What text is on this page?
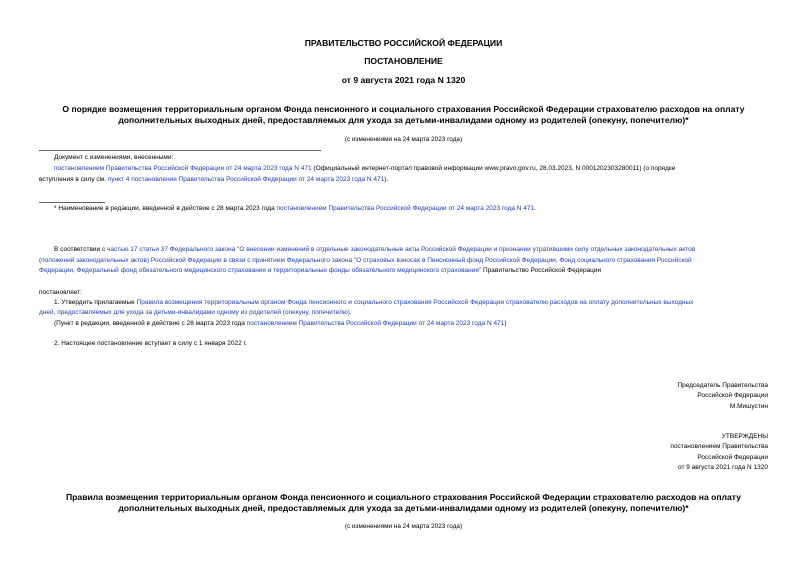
ПРАВИТЕЛЬСТВО РОССИЙСКОЙ ФЕДЕРАЦИИ
ПОСТАНОВЛЕНИЕ
от 9 августа 2021 года N 1320
О порядке возмещения территориальным органом Фонда пенсионного и социального страхования Российской Федерации страхователю расходов на оплату
дополнительных выходных дней, предоставляемых для ухода за детьми-инвалидами одному из родителей (опекуну, попечителю)*
(с изменениями на 24 марта 2023 года)
Документ с изменениями, внесенными:
постановлением Правительства Российской Федерации от 24 марта 2023 года N 471 (Официальный интернет-портал правовой информации www.pravo.gov.ru, 28.03.2023, N 0001202303280011) (о порядке
вступления в силу см. пункт 4 постановления Правительства Российской Федерации от 24 марта 2023 года N 471).
* Наименование в редакции, введенной в действие с 28 марта 2023 года постановлением Правительства Российской Федерации от 24 марта 2023 года N 471.
В соответствии с частью 17 статьи 37 Федерального закона "О внесении изменений в отдельные законодательные акты Российской Федерации и признании утратившими силу отдельных законодательных актов
(положений законодательных актов) Российской Федерации в связи с принятием Федерального закона "О страховых взносах в Пенсионный фонд Российской Федерации, Фонд социального страхования Российской
Федерации, Федеральный фонд обязательного медицинского страхования и территориальные фонды обязательного медицинского страхования" Правительство Российской Федерации
постановляет:
1. Утвердить прилагаемые Правила возмещения территориальным органом Фонда пенсионного и социального страхования Российской Федерации страхователю расходов на оплату дополнительных выходных
дней, предоставляемых для ухода за детьми-инвалидами одному из родителей (опекуну, попечителю).
(Пункт в редакции, введенной в действие с 28 марта 2023 года постановлением Правительства Российской Федерации от 24 марта 2023 года N 471)
2. Настоящее постановление вступает в силу с 1 января 2022 г.
Председатель Правительства
Российской Федерации
М.Мишустин
УТВЕРЖДЕНЫ
постановлением Правительства
Российской Федерации
от 9 августа 2021 года N 1320
Правила возмещения территориальным органом Фонда пенсионного и социального страхования Российской Федерации страхователю расходов на оплату
дополнительных выходных дней, предоставляемых для ухода за детьми-инвалидами одному из родителей (опекуну, попечителю)*
(с изменениями на 24 марта 2023 года)
